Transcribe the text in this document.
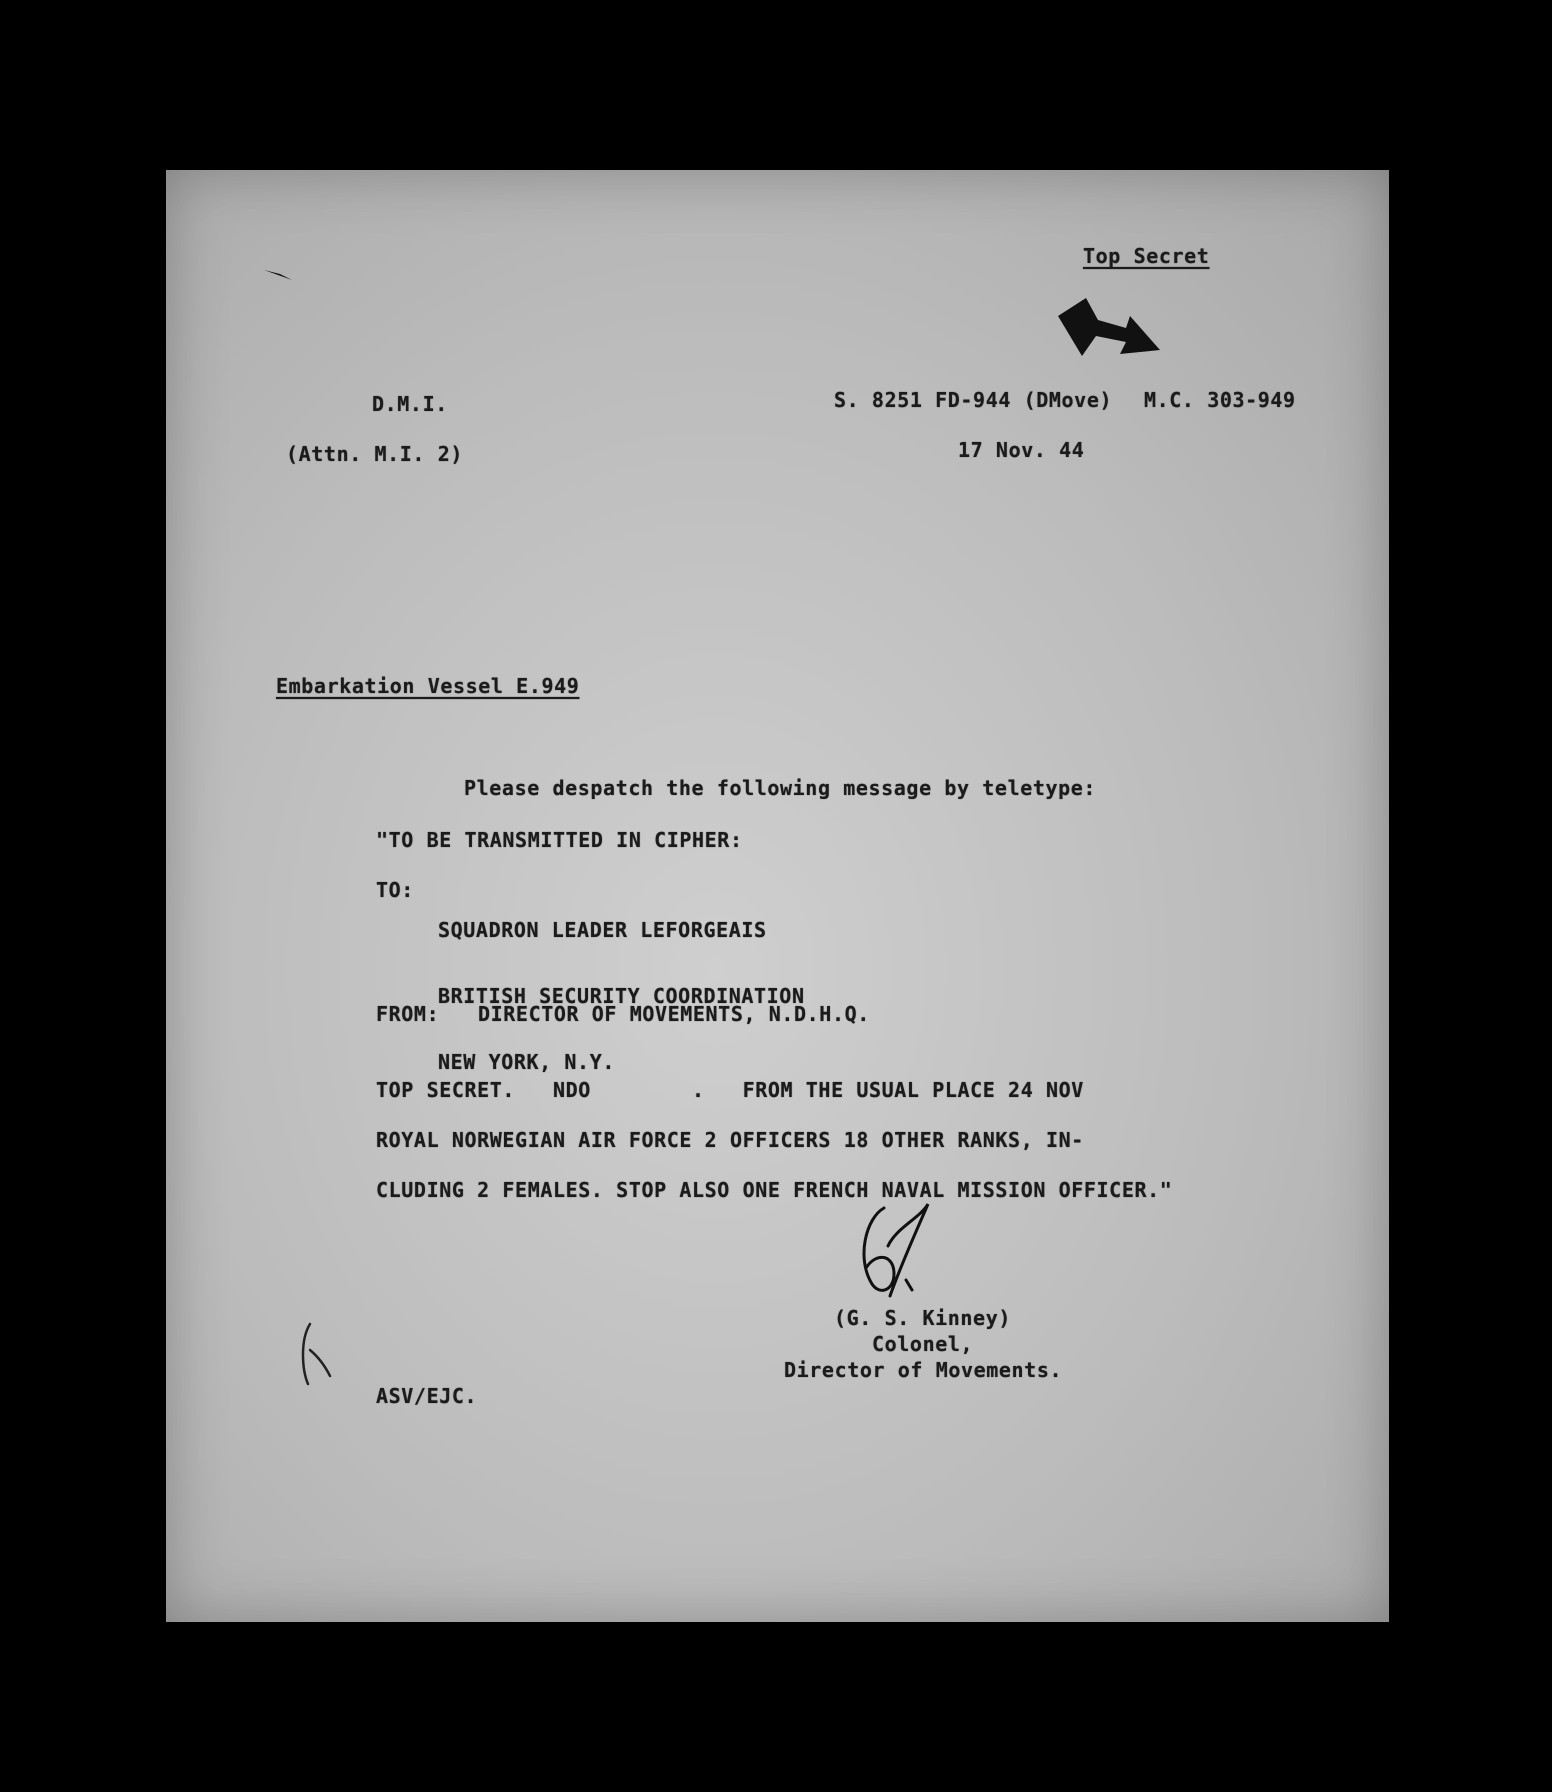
Top Secret
D.M.I.	S. 8251 FD-944 (DMove) M.C. 303-949
(Attn. M.I. 2)	17 Nov. 44
Embarkation Vessel E.949
Please despatch the following message by teletype:
"TO BE TRANSMITTED IN CIPHER:
TO:

SQUADRON LEADER LEFORGEAIS

BRITISH SECURITY COORDINATION

NEW YORK, N.Y.

FROM: DIRECTOR OF MOVEMENTS, N.D.H.Q.
TOP SECRET.   NDO        .   FROM THE USUAL PLACE 24 NOV
ROYAL NORWEGIAN AIR FORCE 2 OFFICERS 18 OTHER RANKS, IN-
CLUDING 2 FEMALES. STOP ALSO ONE FRENCH NAVAL MISSION OFFICER."
(G. S. Kinney)
Colonel,
Director of Movements.
ASV/EJC.
